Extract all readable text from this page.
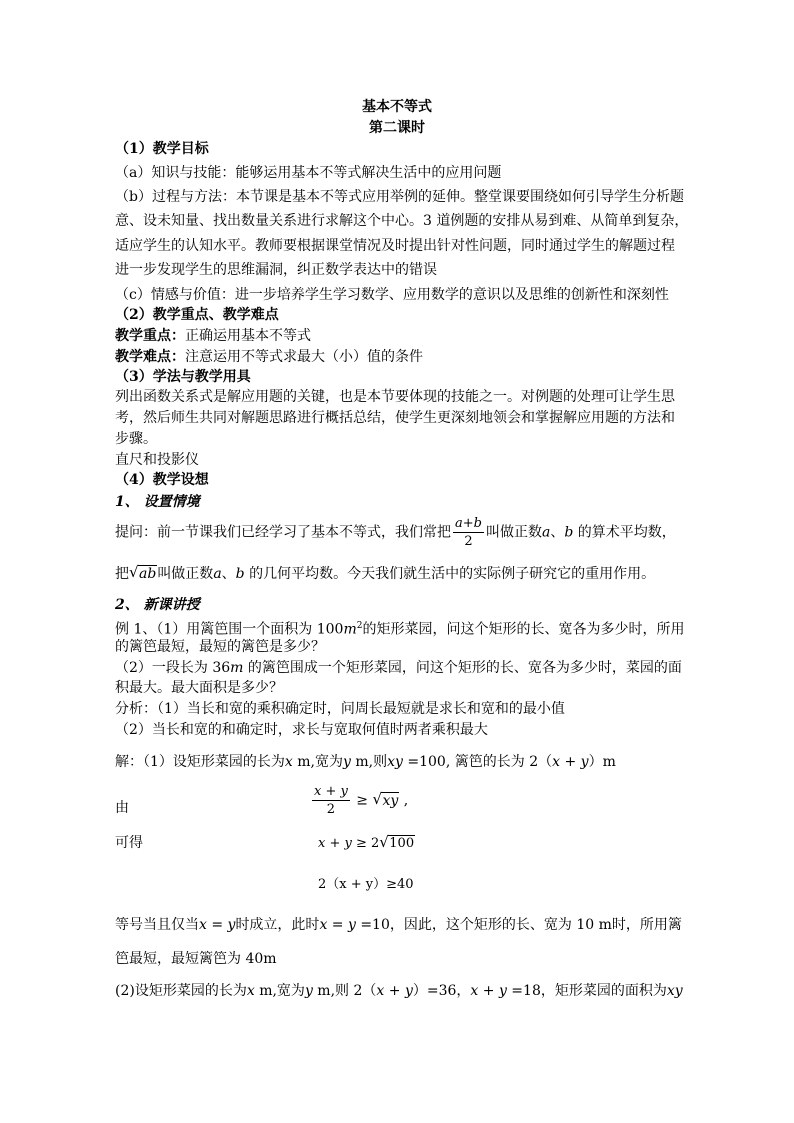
基本不等式
第二课时
（1）教学目标
（a）知识与技能：能够运用基本不等式解决生活中的应用问题
（b）过程与方法：本节课是基本不等式应用举例的延伸。整堂课要围绕如何引导学生分析题
意、设未知量、找出数量关系进行求解这个中心。3 道例题的安排从易到难、从简单到复杂，
适应学生的认知水平。教师要根据课堂情况及时提出针对性问题，同时通过学生的解题过程
进一步发现学生的思维漏洞，纠正数学表达中的错误
（c）情感与价值：进一步培养学生学习数学、应用数学的意识以及思维的创新性和深刻性
（2）教学重点、教学难点
教学重点：正确运用基本不等式
教学难点：注意运用不等式求最大（小）值的条件
（3）学法与教学用具
列出函数关系式是解应用题的关键，也是本节要体现的技能之一。对例题的处理可让学生思
考，然后师生共同对解题思路进行概括总结，使学生更深刻地领会和掌握解应用题的方法和
步骤。
直尺和投影仪
（4）教学设想
1、 设置情境
提问：前一节课我们已经学习了基本不等式，我们常把 $\frac{a+b}{2}$ 叫做正数a、b 的算术平均数，
把 √ ab叫做正数a、b 的几何平均数。今天我们就生活中的实际例子研究它的重用作用。
2、 新课讲授
例 1、（1）用篱笆围一个面积为 $100m^2$的矩形菜园，问这个矩形的长、宽各为多少时，所用
的篱笆最短，最短的篱笆是多少？
（2）一段长为 36m 的篱笆围成一个矩形菜园，问这个矩形的长、宽各为多少时，菜园的面
积最大。最大面积是多少？
分析：（1）当长和宽的乘积确定时，问周长最短就是求长和宽和的最小值
（2）当长和宽的和确定时，求长与宽取何值时两者乘积最大
解：（1）设矩形菜园的长为x m,宽为y m,则xy =100, 篱笆的长为 2（x + y）m
由	$\frac{x + y}{2}$ ≥ √ xy ,
可得	x + y ≥ 2 √ 100
2（x + y）≥40
等号当且仅当x = y时成立，此时x = y =10，因此，这个矩形的长、宽为 10 m时，所用篱
笆最短，最短篱笆为 40m
(2)设矩形菜园的长为x m,宽为y m,则 2（x + y）=36，x + y =18，矩形菜园的面积为xy
